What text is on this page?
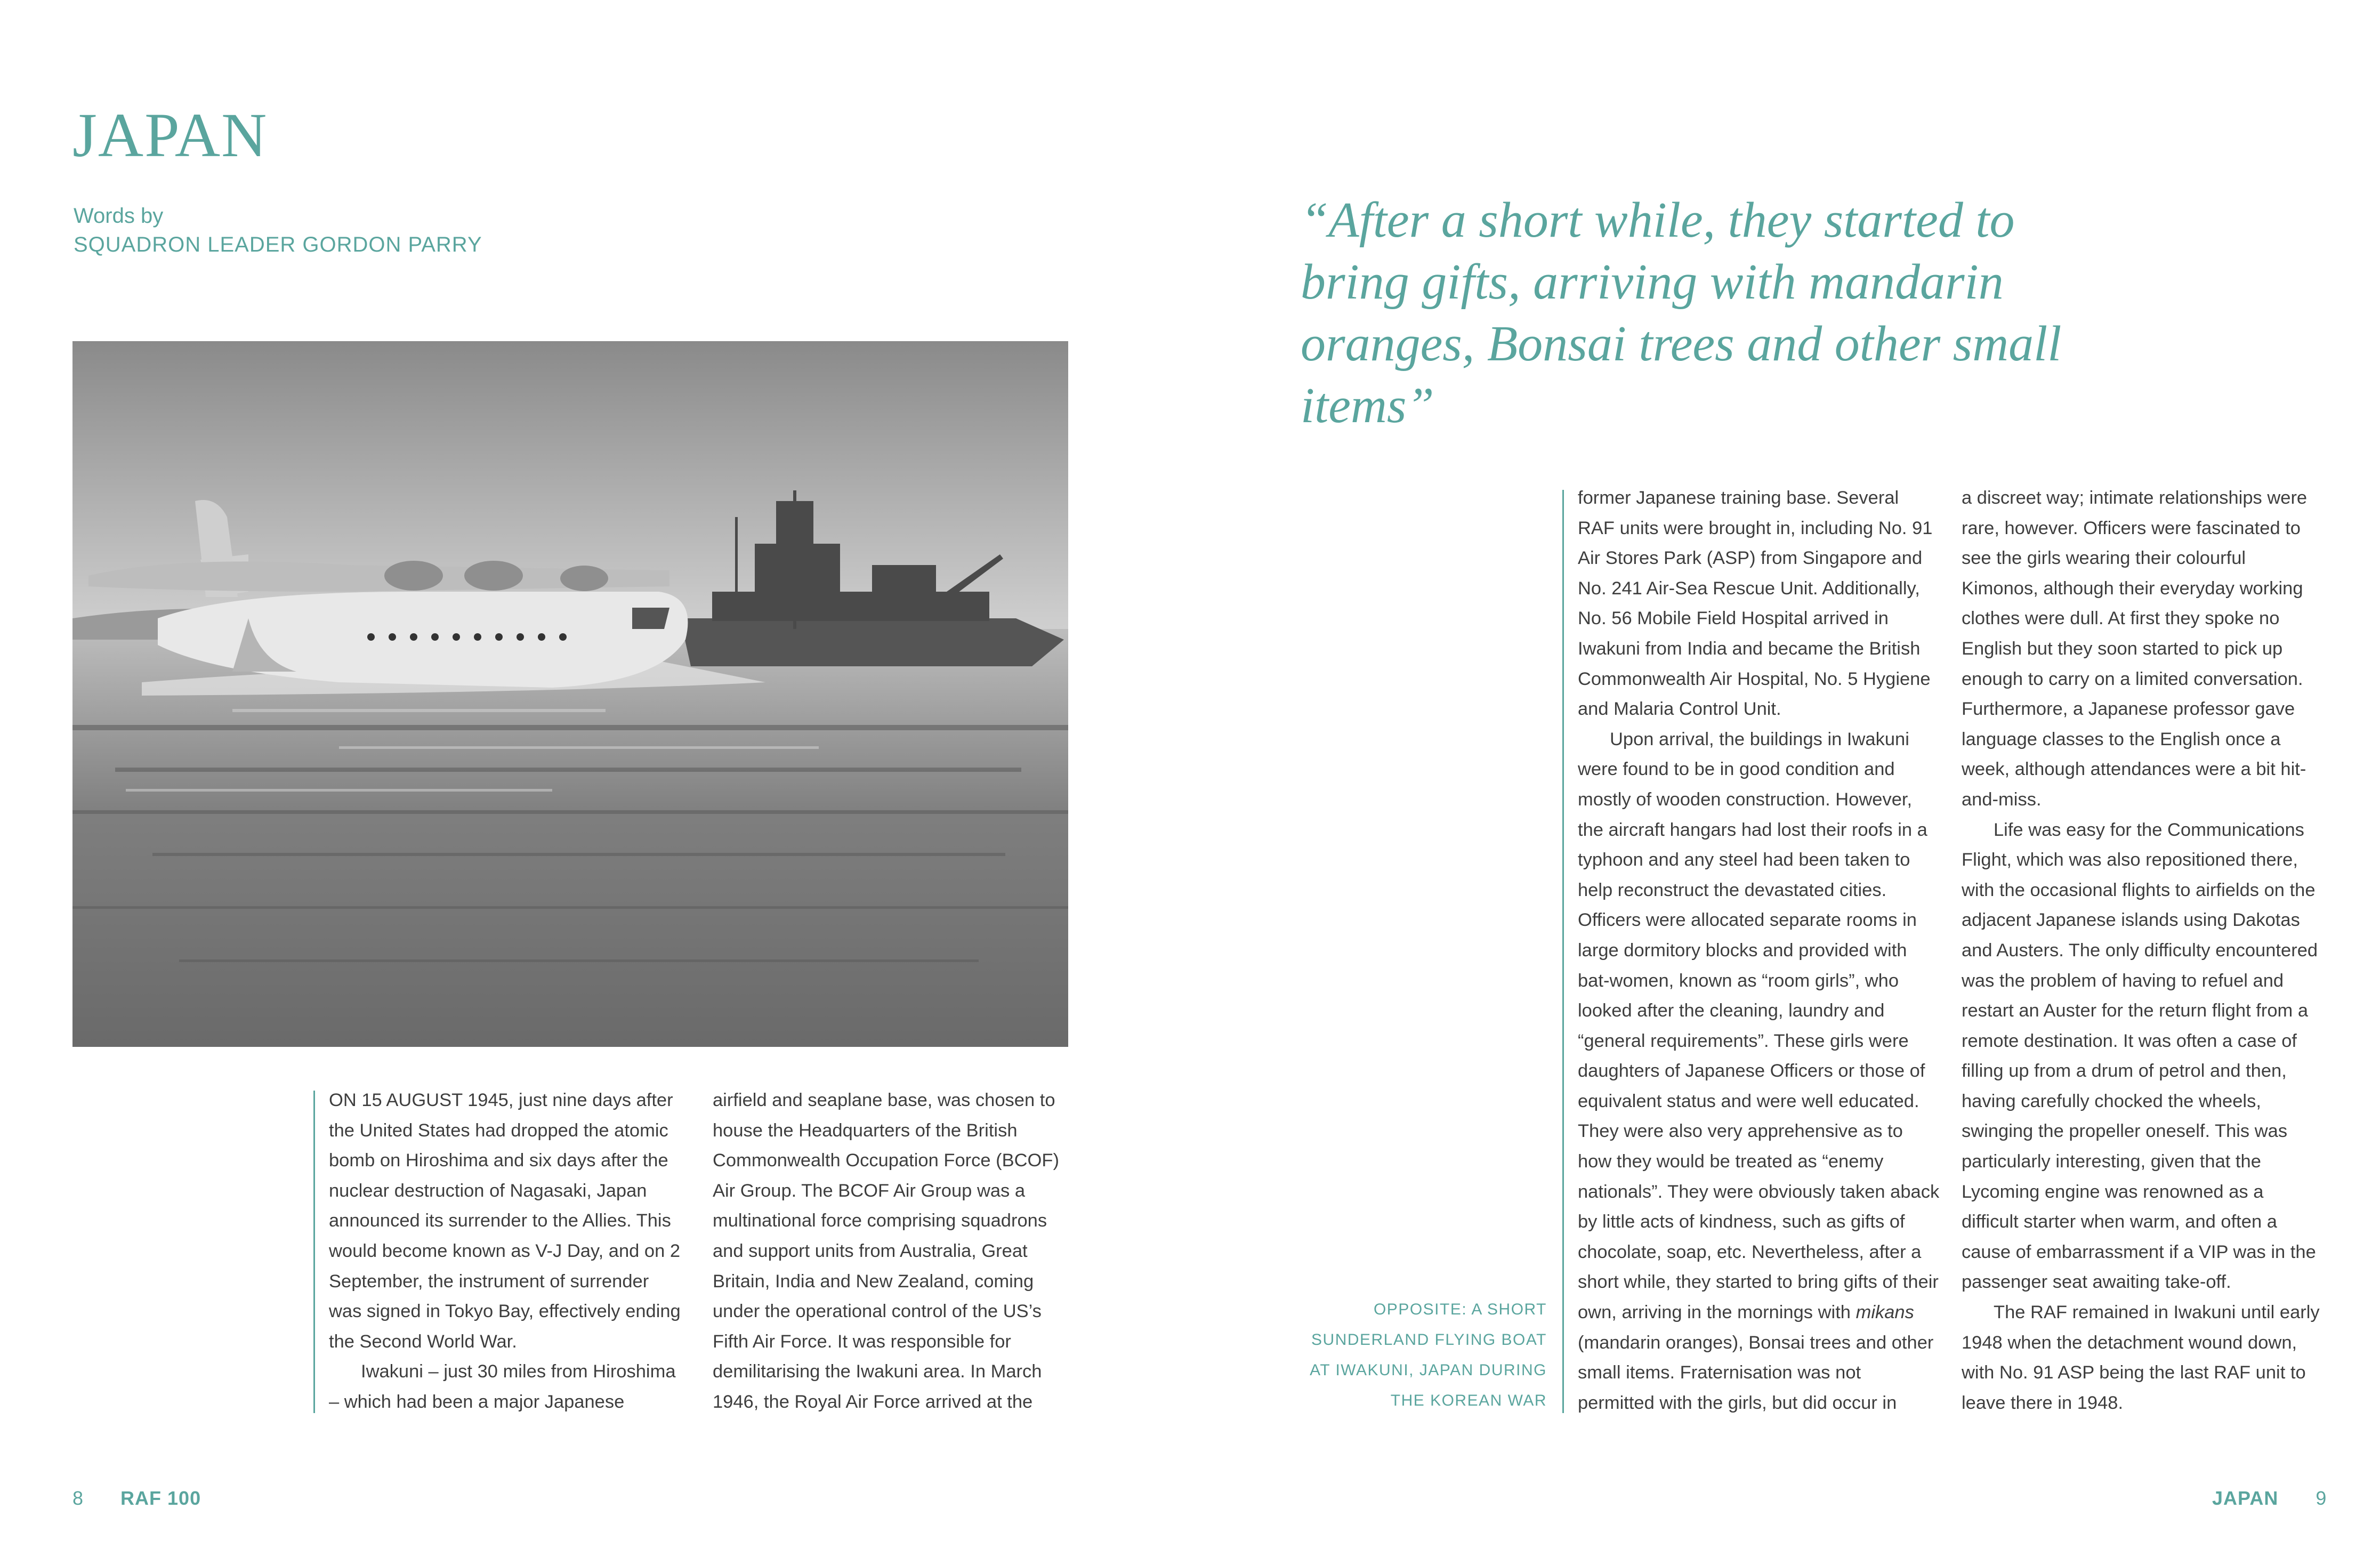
JAPAN
Words by
SQUADRON LEADER GORDON PARRY

ON 15 AUGUST 1945, just nine days after the United States had dropped the atomic bomb on Hiroshima and six days after the nuclear destruction of Nagasaki, Japan announced its surrender to the Allies. This would become known as V-J Day, and on 2 September, the instrument of surrender was signed in Tokyo Bay, effectively ending the Second World War.

Iwakuni – just 30 miles from Hiroshima – which had been a major Japanese

airfield and seaplane base, was chosen to house the Headquarters of the British Commonwealth Occupation Force (BCOF) Air Group. The BCOF Air Group was a multinational force comprising squadrons and support units from Australia, Great Britain, India and New Zealand, coming under the operational control of the US’s Fifth Air Force. It was responsible for demilitarising the Iwakuni area. In March 1946, the Royal Air Force arrived at the

8 RAF 100

“After a short while, they started to bring gifts, arriving with mandarin oranges, Bonsai trees and other small items”

OPPOSITE: A SHORT SUNDERLAND FLYING BOAT AT IWAKUNI, JAPAN DURING THE KOREAN WAR

former Japanese training base. Several RAF units were brought in, including No. 91 Air Stores Park (ASP) from Singapore and No. 241 Air-Sea Rescue Unit. Additionally, No. 56 Mobile Field Hospital arrived in Iwakuni from India and became the British Commonwealth Air Hospital, No. 5 Hygiene and Malaria Control Unit.

Upon arrival, the buildings in Iwakuni were found to be in good condition and mostly of wooden construction. However, the aircraft hangars had lost their roofs in a typhoon and any steel had been taken to help reconstruct the devastated cities. Officers were allocated separate rooms in large dormitory blocks and provided with bat-women, known as “room girls”, who looked after the cleaning, laundry and “general requirements”. These girls were daughters of Japanese Officers or those of equivalent status and were well educated. They were also very apprehensive as to how they would be treated as “enemy nationals”. They were obviously taken aback by little acts of kindness, such as gifts of chocolate, soap, etc. Nevertheless, after a short while, they started to bring gifts of their own, arriving in the mornings with mikans (mandarin oranges), Bonsai trees and other small items. Fraternisation was not permitted with the girls, but did occur in

a discreet way; intimate relationships were rare, however. Officers were fascinated to see the girls wearing their colourful Kimonos, although their everyday working clothes were dull. At first they spoke no English but they soon started to pick up enough to carry on a limited conversation. Furthermore, a Japanese professor gave language classes to the English once a week, although attendances were a bit hit-and-miss.

Life was easy for the Communications Flight, which was also repositioned there, with the occasional flights to airfields on the adjacent Japanese islands using Dakotas and Austers. The only difficulty encountered was the problem of having to refuel and restart an Auster for the return flight from a remote destination. It was often a case of filling up from a drum of petrol and then, having carefully chocked the wheels, swinging the propeller oneself. This was particularly interesting, given that the Lycoming engine was renowned as a difficult starter when warm, and often a cause of embarrassment if a VIP was in the passenger seat awaiting take-off.

The RAF remained in Iwakuni until early 1948 when the detachment wound down, with No. 91 ASP being the last RAF unit to leave there in 1948.

JAPAN 9
